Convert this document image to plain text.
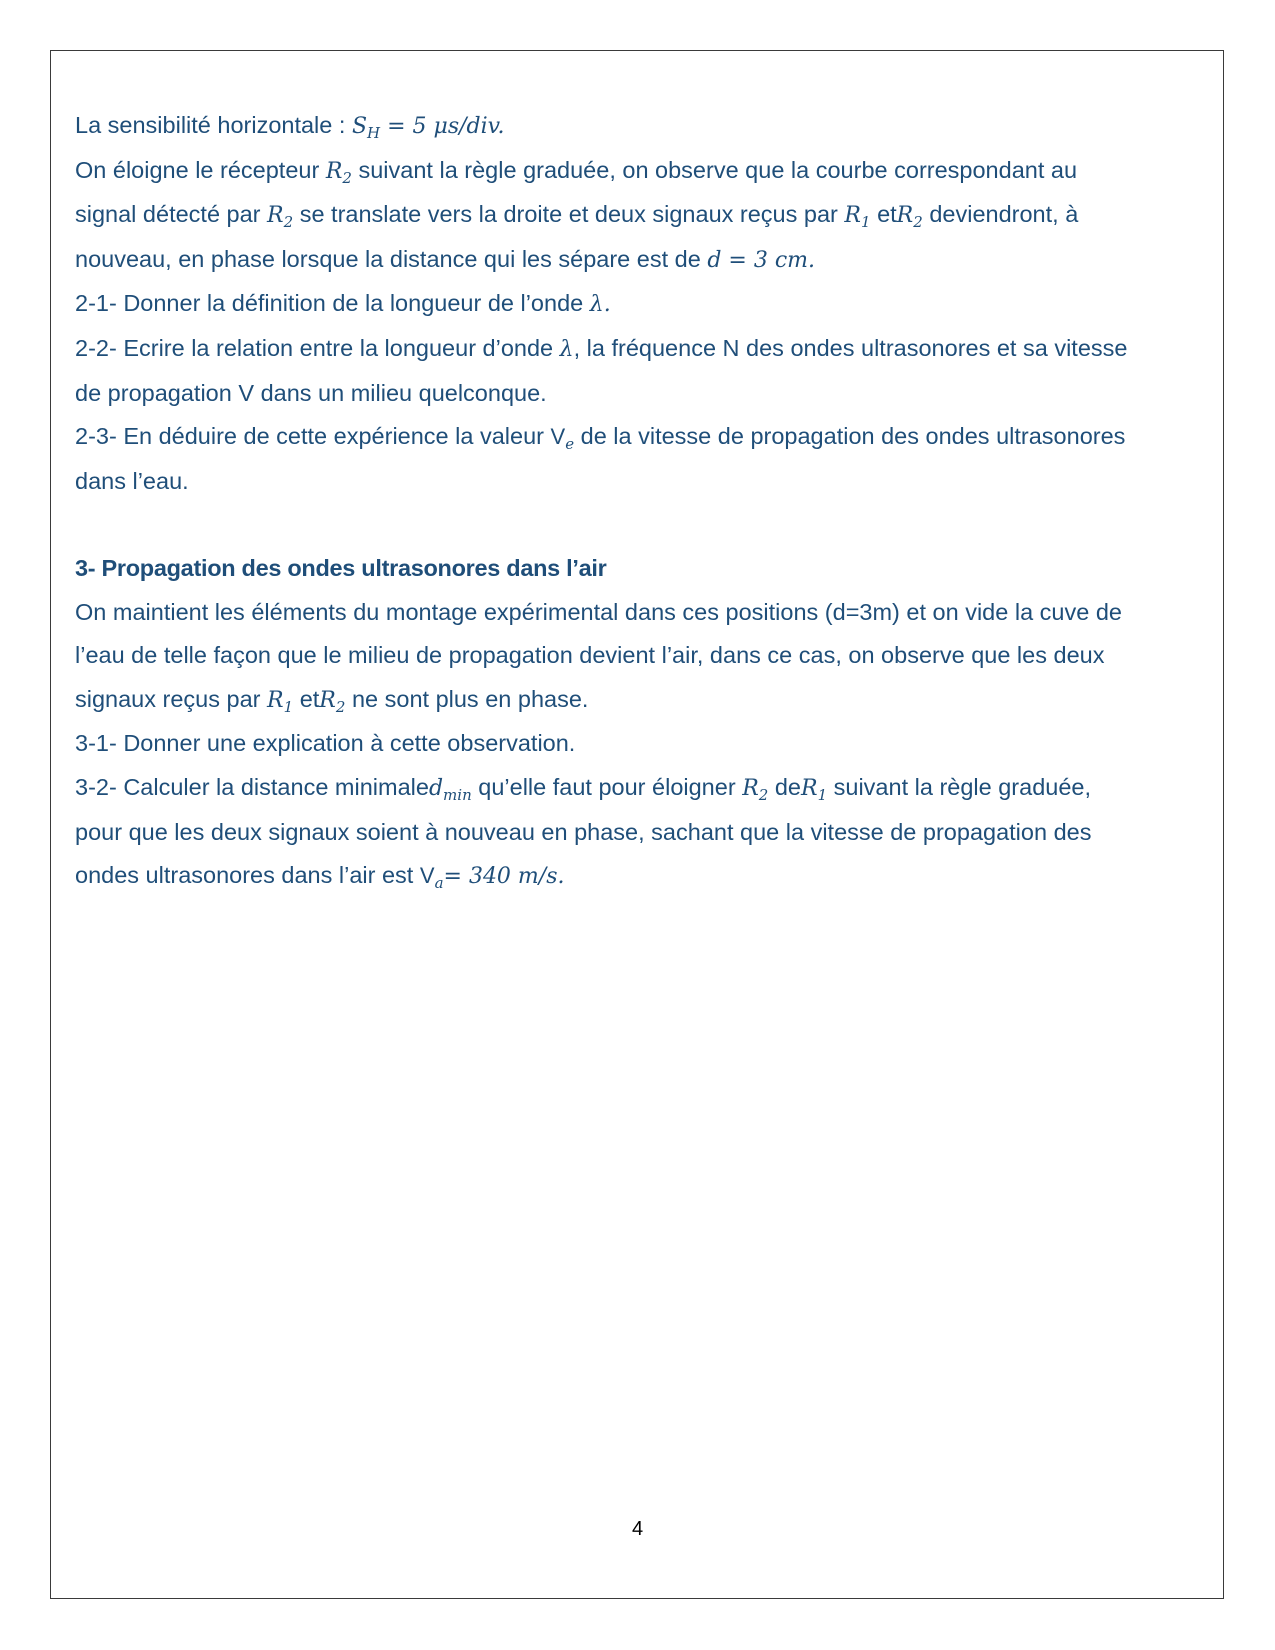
La sensibilité horizontale : $S_H = 5$ μs/div.

On éloigne le récepteur $R_2$ suivant la règle graduée, on observe que la courbe correspondant au

signal détecté par $R_2$ se translate vers la droite et deux signaux reçus par $R_1$ etR$_2$ deviendront, à

nouveau, en phase lorsque la distance qui les sépare est de d = 3 cm.

2-1- Donner la définition de la longueur de l’onde λ.

2-2- Ecrire la relation entre la longueur d’onde λ, la fréquence N des ondes ultrasonores et sa vitesse

de propagation V dans un milieu quelconque.

2-3- En déduire de cette expérience la valeur $V_e$ de la vitesse de propagation des ondes ultrasonores

dans l’eau.

3- Propagation des ondes ultrasonores dans l’air

On maintient les éléments du montage expérimental dans ces positions (d=3m) et on vide la cuve de

l’eau de telle façon que le milieu de propagation devient l’air, dans ce cas, on observe que les deux

signaux reçus par $R_1$ etR$_2$ ne sont plus en phase.

3-1- Donner une explication à cette observation.

3-2- Calculer la distance minimaled$_{min}$ qu’elle faut pour éloigner $R_2$ deR$_1$ suivant la règle graduée,

pour que les deux signaux soient à nouveau en phase, sachant que la vitesse de propagation des

ondes ultrasonores dans l’air est $V_a= 340$ m/s.

4
